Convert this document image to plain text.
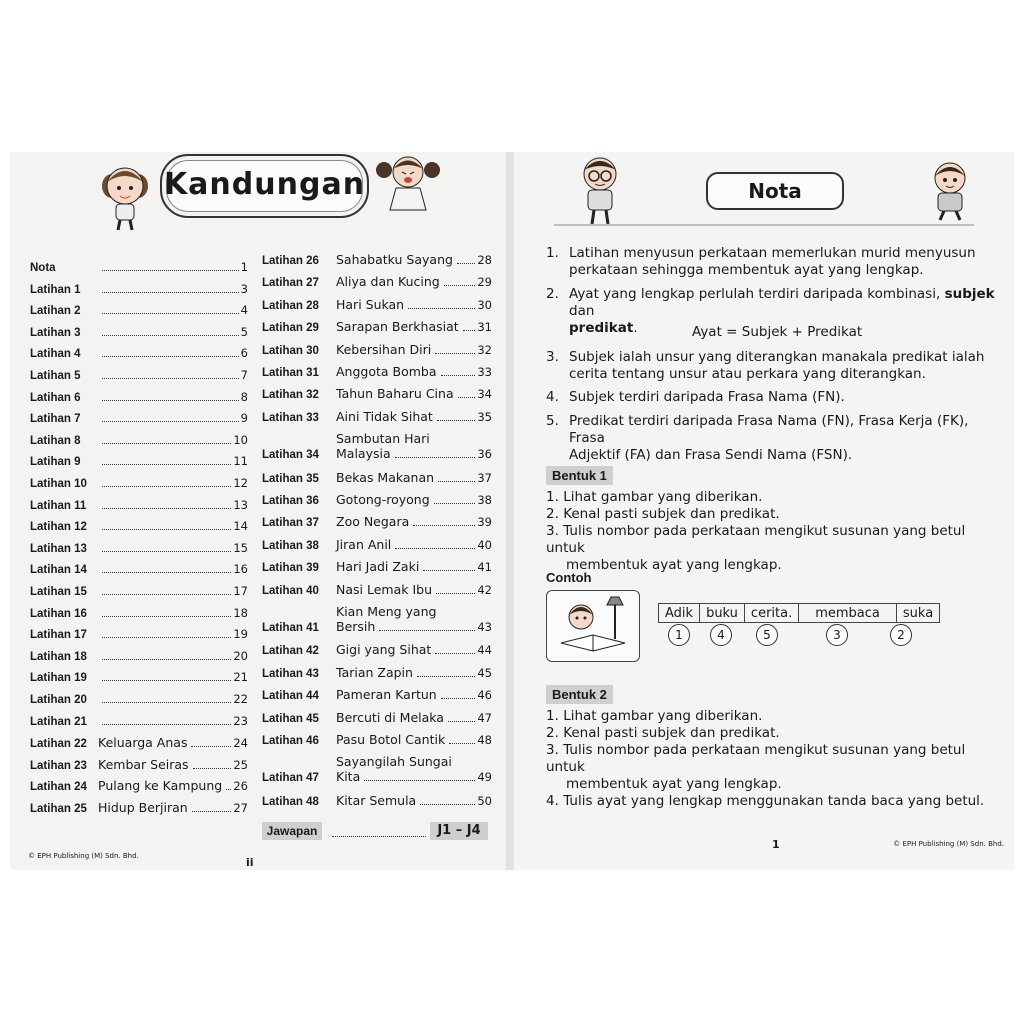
Kandungan
Nota	1
Latihan 1	3
Latihan 2	4
Latihan 3	5
Latihan 4	6
Latihan 5	7
Latihan 6	8
Latihan 7	9
Latihan 8	10
Latihan 9	11
Latihan 10	12
Latihan 11	13
Latihan 12	14
Latihan 13	15
Latihan 14	16
Latihan 15	17
Latihan 16	18
Latihan 17	19
Latihan 18	20
Latihan 19	21
Latihan 20	22
Latihan 21	23
Latihan 22 Keluarga Anas	24
Latihan 23 Kembar Seiras	25
Latihan 24 Pulang ke Kampung 26
Latihan 25 Hidup Berjiran	27
Latihan 26	Sahabatku Sayang 28
Latihan 27	Aliya dan Kucing	29
Latihan 28	Hari Sukan	30
Latihan 29	Sarapan Berkhasiat 31
Latihan 30	Kebersihan Diri	32
Latihan 31	Anggota Bomba	33
Latihan 32	Tahun Baharu Cina 34
Latihan 33	Aini Tidak Sihat	35
Latihan 34
Sambutan Hari
Malaysia	36
Latihan 35	Bekas Makanan	37
Latihan 36	Gotong-royong	38
Latihan 37	Zoo Negara	39
Latihan 38	Jiran Anil	40
Latihan 39	Hari Jadi Zaki	41
Latihan 40	Nasi Lemak Ibu	42
Latihan 41
Kian Meng yang
Bersih	43
Latihan 42	Gigi yang Sihat	44
Latihan 43	Tarian Zapin	45
Latihan 44	Pameran Kartun	46
Latihan 45	Bercuti di Melaka	47
Latihan 46	Pasu Botol Cantik	48
Latihan 47
Sayangilah Sungai
Kita	49
Latihan 48	Kitar Semula	50
Jawapan	J1 – J4
© EPH Publishing (M) Sdn. Bhd.	ii
Nota
1. Latihan menyusun perkataan memerlukan murid menyusun
perkataan sehingga membentuk ayat yang lengkap.
2. Ayat yang lengkap perlulah terdiri daripada kombinasi, subjek dan
predikat.	Ayat = Subjek + Predikat
3. Subjek ialah unsur yang diterangkan manakala predikat ialah
cerita tentang unsur atau perkara yang diterangkan.
4. Subjek terdiri daripada Frasa Nama (FN).
5. Predikat terdiri daripada Frasa Nama (FN), Frasa Kerja (FK), Frasa
Adjektif (FA) dan Frasa Sendi Nama (FSN).
Bentuk 1
1. Lihat gambar yang diberikan.
2. Kenal pasti subjek dan predikat.
3. Tulis nombor pada perkataan mengikut susunan yang betul untuk
membentuk ayat yang lengkap.
Contoh
Adik	buku	cerita.	membaca	suka
1	4	5	3	2
Bentuk 2
1. Lihat gambar yang diberikan.
2. Kenal pasti subjek dan predikat.
3. Tulis nombor pada perkataan mengikut susunan yang betul untuk
membentuk ayat yang lengkap.
4. Tulis ayat yang lengkap menggunakan tanda baca yang betul.
1	© EPH Publishing (M) Sdn. Bhd.
